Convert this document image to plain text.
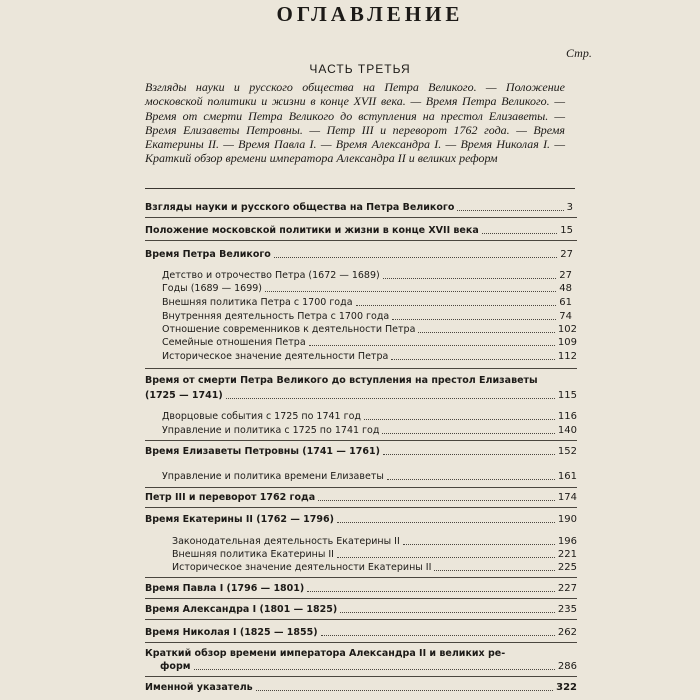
ОГЛАВЛЕНИЕ
Стр.
ЧАСТЬ ТРЕТЬЯ

Взгляды науки и русского общества на Петра Великого. — Положение московской политики и жизни в конце XVII века. — Время Петра Великого. — Время от смерти Петра Великого до вступления на престол Елизаветы. — Время Елизаветы Петровны. — Петр III и переворот 1762 года. — Время Екатерины II. — Время Павла I. — Время Александра I. — Время Николая I. — Краткий обзор времени императора Александра II и великих реформ

Взгляды науки и русского общества на Петра Великого	3
Положение московской политики и жизни в конце XVII века	15
Время Петра Великого	27
Детство и отрочество Петра (1672 — 1689)	27
Годы (1689 — 1699)	48
Внешняя политика Петра с 1700 года	61
Внутренняя деятельность Петра с 1700 года	74
Отношение современников к деятельности Петра	102
Семейные отношения Петра	109
Историческое значение деятельности Петра	112
Время от смерти Петра Великого до вступления на престол Елизаветы
(1725 — 1741)	115
Дворцовые события с 1725 по 1741 год	116
Управление и политика с 1725 по 1741 год	140
Время Елизаветы Петровны (1741 — 1761)	152
Управление и политика времени Елизаветы	161
Петр III и переворот 1762 года	174
Время Екатерины II (1762 — 1796)	190
Законодательная деятельность Екатерины II	196
Внешняя политика Екатерины II	221
Историческое значение деятельности Екатерины II	225
Время Павла I (1796 — 1801)	227
Время Александра I (1801 — 1825)	235
Время Николая I (1825 — 1855)	262
Краткий обзор времени императора Александра II и великих ре-
форм	286
Именной указатель	322
